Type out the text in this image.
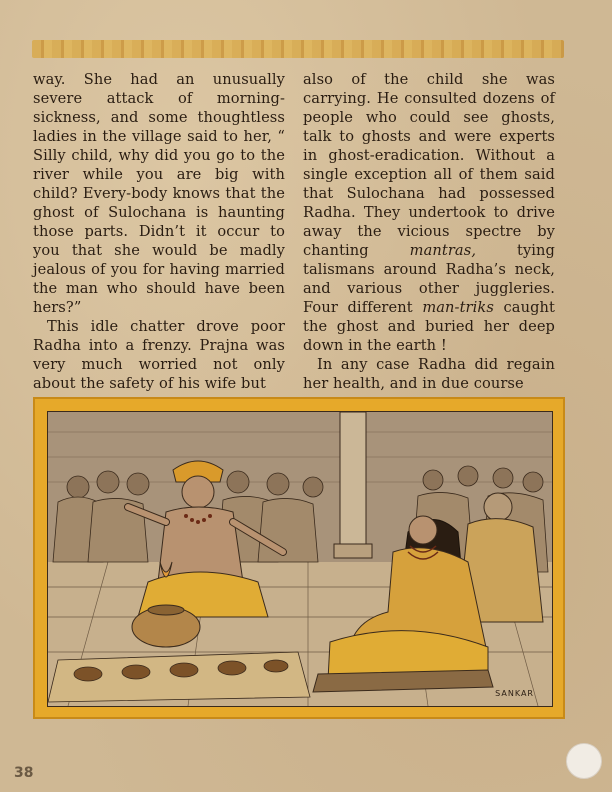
way. She had an unusually severe attack of morning-sickness, and some thoughtless ladies in the village said to her, “ Silly child, why did you go to the river while you are big with child? Every-body knows that the ghost of Sulochana is haunting those parts. Didn’t it occur to you that she would be madly jealous of you for having married the man who should have been hers?”

This idle chatter drove poor Radha into a frenzy. Prajna was very much worried not only about the safety of his wife but

also of the child she was carrying. He consulted dozens of people who could see ghosts, talk to ghosts and were experts in ghost-eradication. Without a single exception all of them said that Sulochana had possessed Radha. They undertook to drive away the vicious spectre by chanting mantras, tying talismans around Radha’s neck, and various other juggleries. Four different man-triks caught the ghost and buried her deep down in the earth !

In any case Radha did regain her health, and in due course

SANKAR
38
